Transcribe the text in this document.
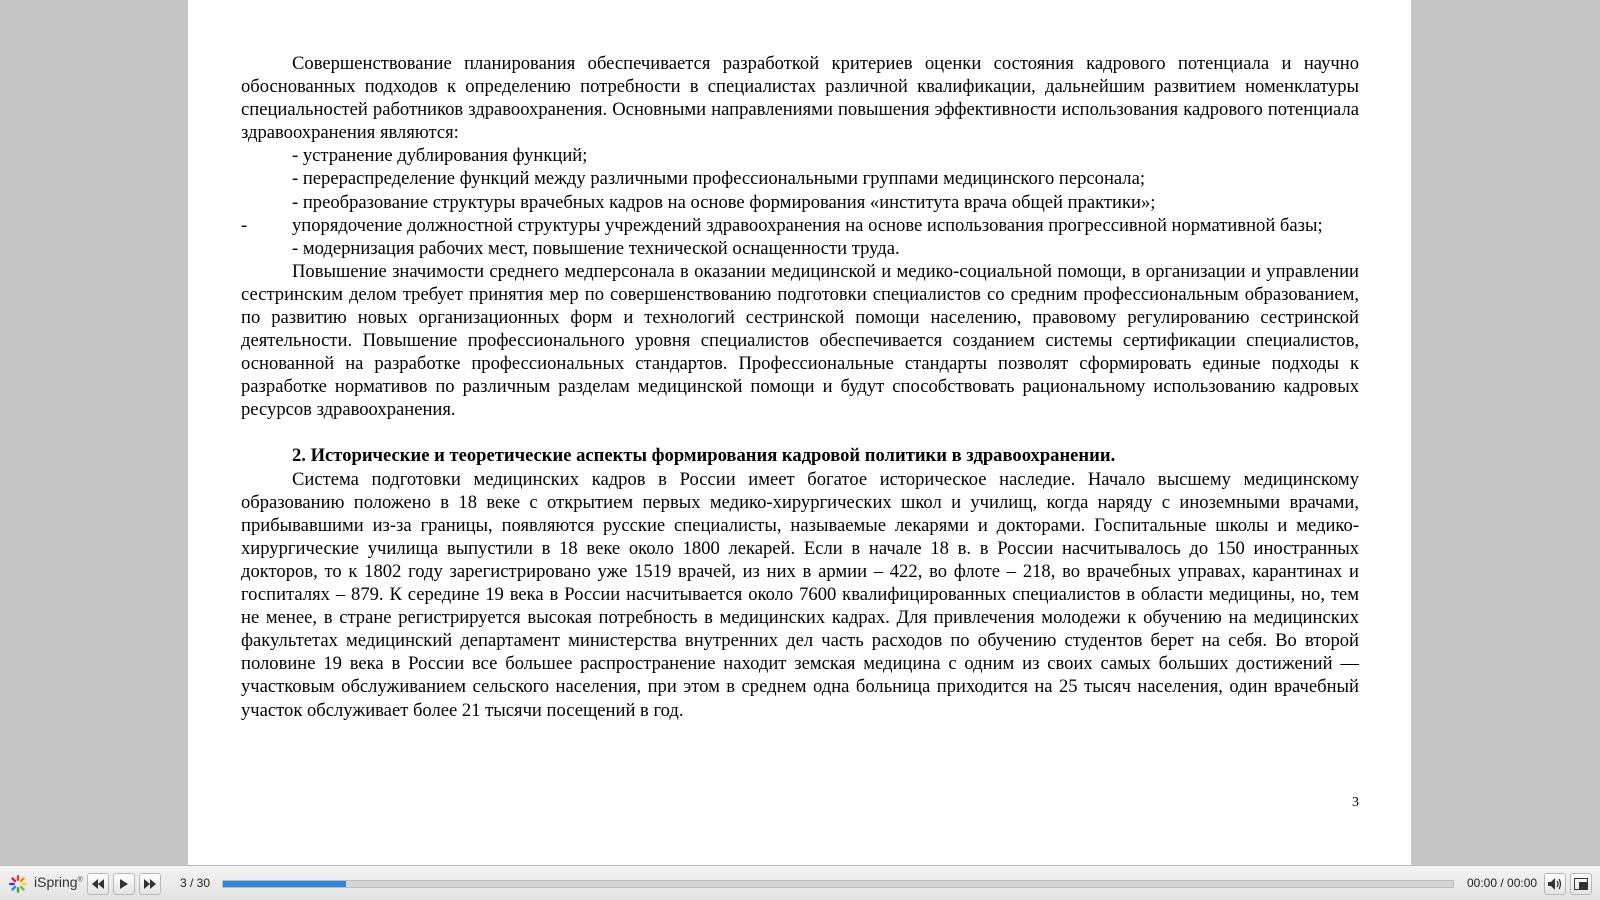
Совершенствование планирования обеспечивается разработкой критериев оценки состояния кадрового потенциала и научно обоснованных подходов к определению потребности в специалистах различной квалификации, дальнейшим развитием номенклатуры специальностей работников здравоохранения. Основными направлениями повышения эффективности использования кадрового потенциала здравоохранения являются:

- устранение дублирования функций;

- перераспределение функций между различными профессиональными группами медицинского персонала;

- преобразование структуры врачебных кадров на основе формирования «института врача общей практики»;

- упорядочение должностной структуры учреждений здравоохранения на основе использования прогрессивной нормативной базы;

- модернизация рабочих мест, повышение технической оснащенности труда.

Повышение значимости среднего медперсонала в оказании медицинской и медико-социальной помощи, в организации и управлении сестринским делом требует принятия мер по совершенствованию подготовки специалистов со средним профессиональным образованием, по развитию новых организационных форм и технологий сестринской помощи населению, правовому регулированию сестринской деятельности. Повышение профессионального уровня специалистов обеспечивается созданием системы сертификации специалистов, основанной на разработке профессиональных стандартов. Профессиональные стандарты позволят сформировать единые подходы к разработке нормативов по различным разделам медицинской помощи и будут способствовать рациональному использованию кадровых ресурсов здравоохранения.

2. Исторические и теоретические аспекты формирования кадровой политики в здравоохранении.

Система подготовки медицинских кадров в России имеет богатое историческое наследие. Начало высшему медицинскому образованию положено в 18 веке с открытием первых медико-хирургических школ и училищ, когда наряду с иноземными врачами, прибывавшими из-за границы, появляются русские специалисты, называемые лекарями и докторами. Госпитальные школы и медико-хирургические училища выпустили в 18 веке около 1800 лекарей. Если в начале 18 в. в России насчитывалось до 150 иностранных докторов, то к 1802 году зарегистрировано уже 1519 врачей, из них в армии – 422, во флоте – 218, во врачебных управах, карантинах и госпиталях – 879. К середине 19 века в России насчитывается около 7600 квалифицированных специалистов в области медицины, но, тем не менее, в стране регистрируется высокая потребность в медицинских кадрах. Для привлечения молодежи к обучению на медицинских факультетах медицинский департамент министерства внутренних дел часть расходов по обучению студентов берет на себя. Во второй половине 19 века в России все большее распространение находит земская медицина с одним из своих самых больших достижений — участковым обслуживанием сельского населения, при этом в среднем одна больница приходится на 25 тысяч населения, один врачебный участок обслуживает более 21 тысячи посещений в год.

3
iSpring®	3 / 30	00:00 / 00:00
